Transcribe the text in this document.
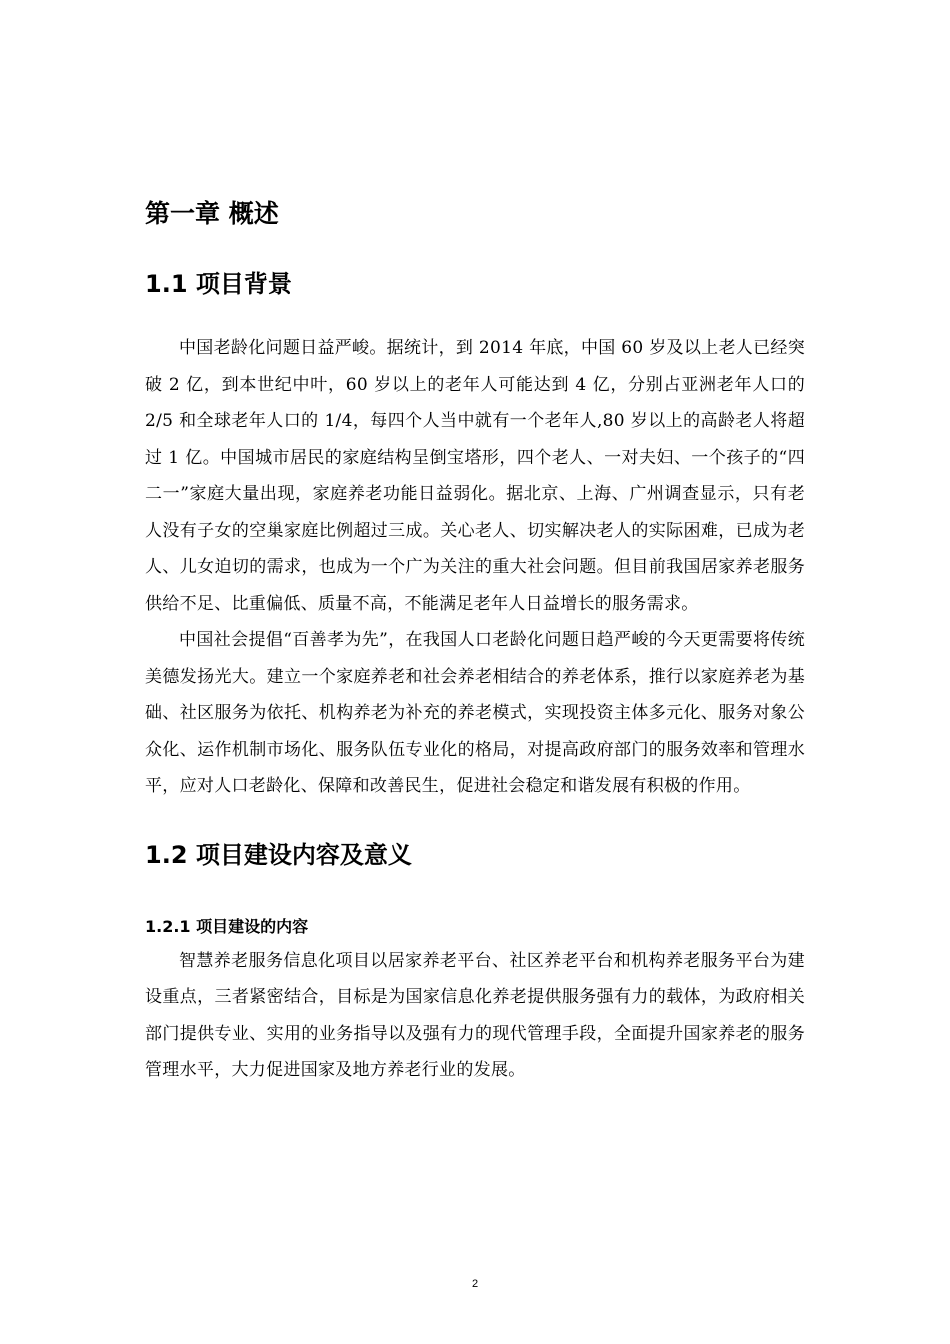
第一章 概述
1.1 项目背景

中国老龄化问题日益严峻。据统计，到 2014 年底，中国 60 岁及以上老人已经突破 2 亿，到本世纪中叶，60 岁以上的老年人可能达到 4 亿，分别占亚洲老年人口的 2/5 和全球老年人口的 1/4，每四个人当中就有一个老年人,80 岁以上的高龄老人将超过 1 亿。中国城市居民的家庭结构呈倒宝塔形，四个老人、一对夫妇、一个孩子的“四二一”家庭大量出现，家庭养老功能日益弱化。据北京、上海、广州调查显示，只有老人没有子女的空巢家庭比例超过三成。关心老人、切实解决老人的实际困难，已成为老人、儿女迫切的需求，也成为一个广为关注的重大社会问题。但目前我国居家养老服务供给不足、比重偏低、质量不高，不能满足老年人日益增长的服务需求。

中国社会提倡“百善孝为先”，在我国人口老龄化问题日趋严峻的今天更需要将传统美德发扬光大。建立一个家庭养老和社会养老相结合的养老体系，推行以家庭养老为基础、社区服务为依托、机构养老为补充的养老模式，实现投资主体多元化、服务对象公众化、运作机制市场化、服务队伍专业化的格局，对提高政府部门的服务效率和管理水平，应对人口老龄化、保障和改善民生，促进社会稳定和谐发展有积极的作用。

1.2 项目建设内容及意义
1.2.1 项目建设的内容

智慧养老服务信息化项目以居家养老平台、社区养老平台和机构养老服务平台为建设重点，三者紧密结合，目标是为国家信息化养老提供服务强有力的载体，为政府相关部门提供专业、实用的业务指导以及强有力的现代管理手段，全面提升国家养老的服务管理水平，大力促进国家及地方养老行业的发展。

2
